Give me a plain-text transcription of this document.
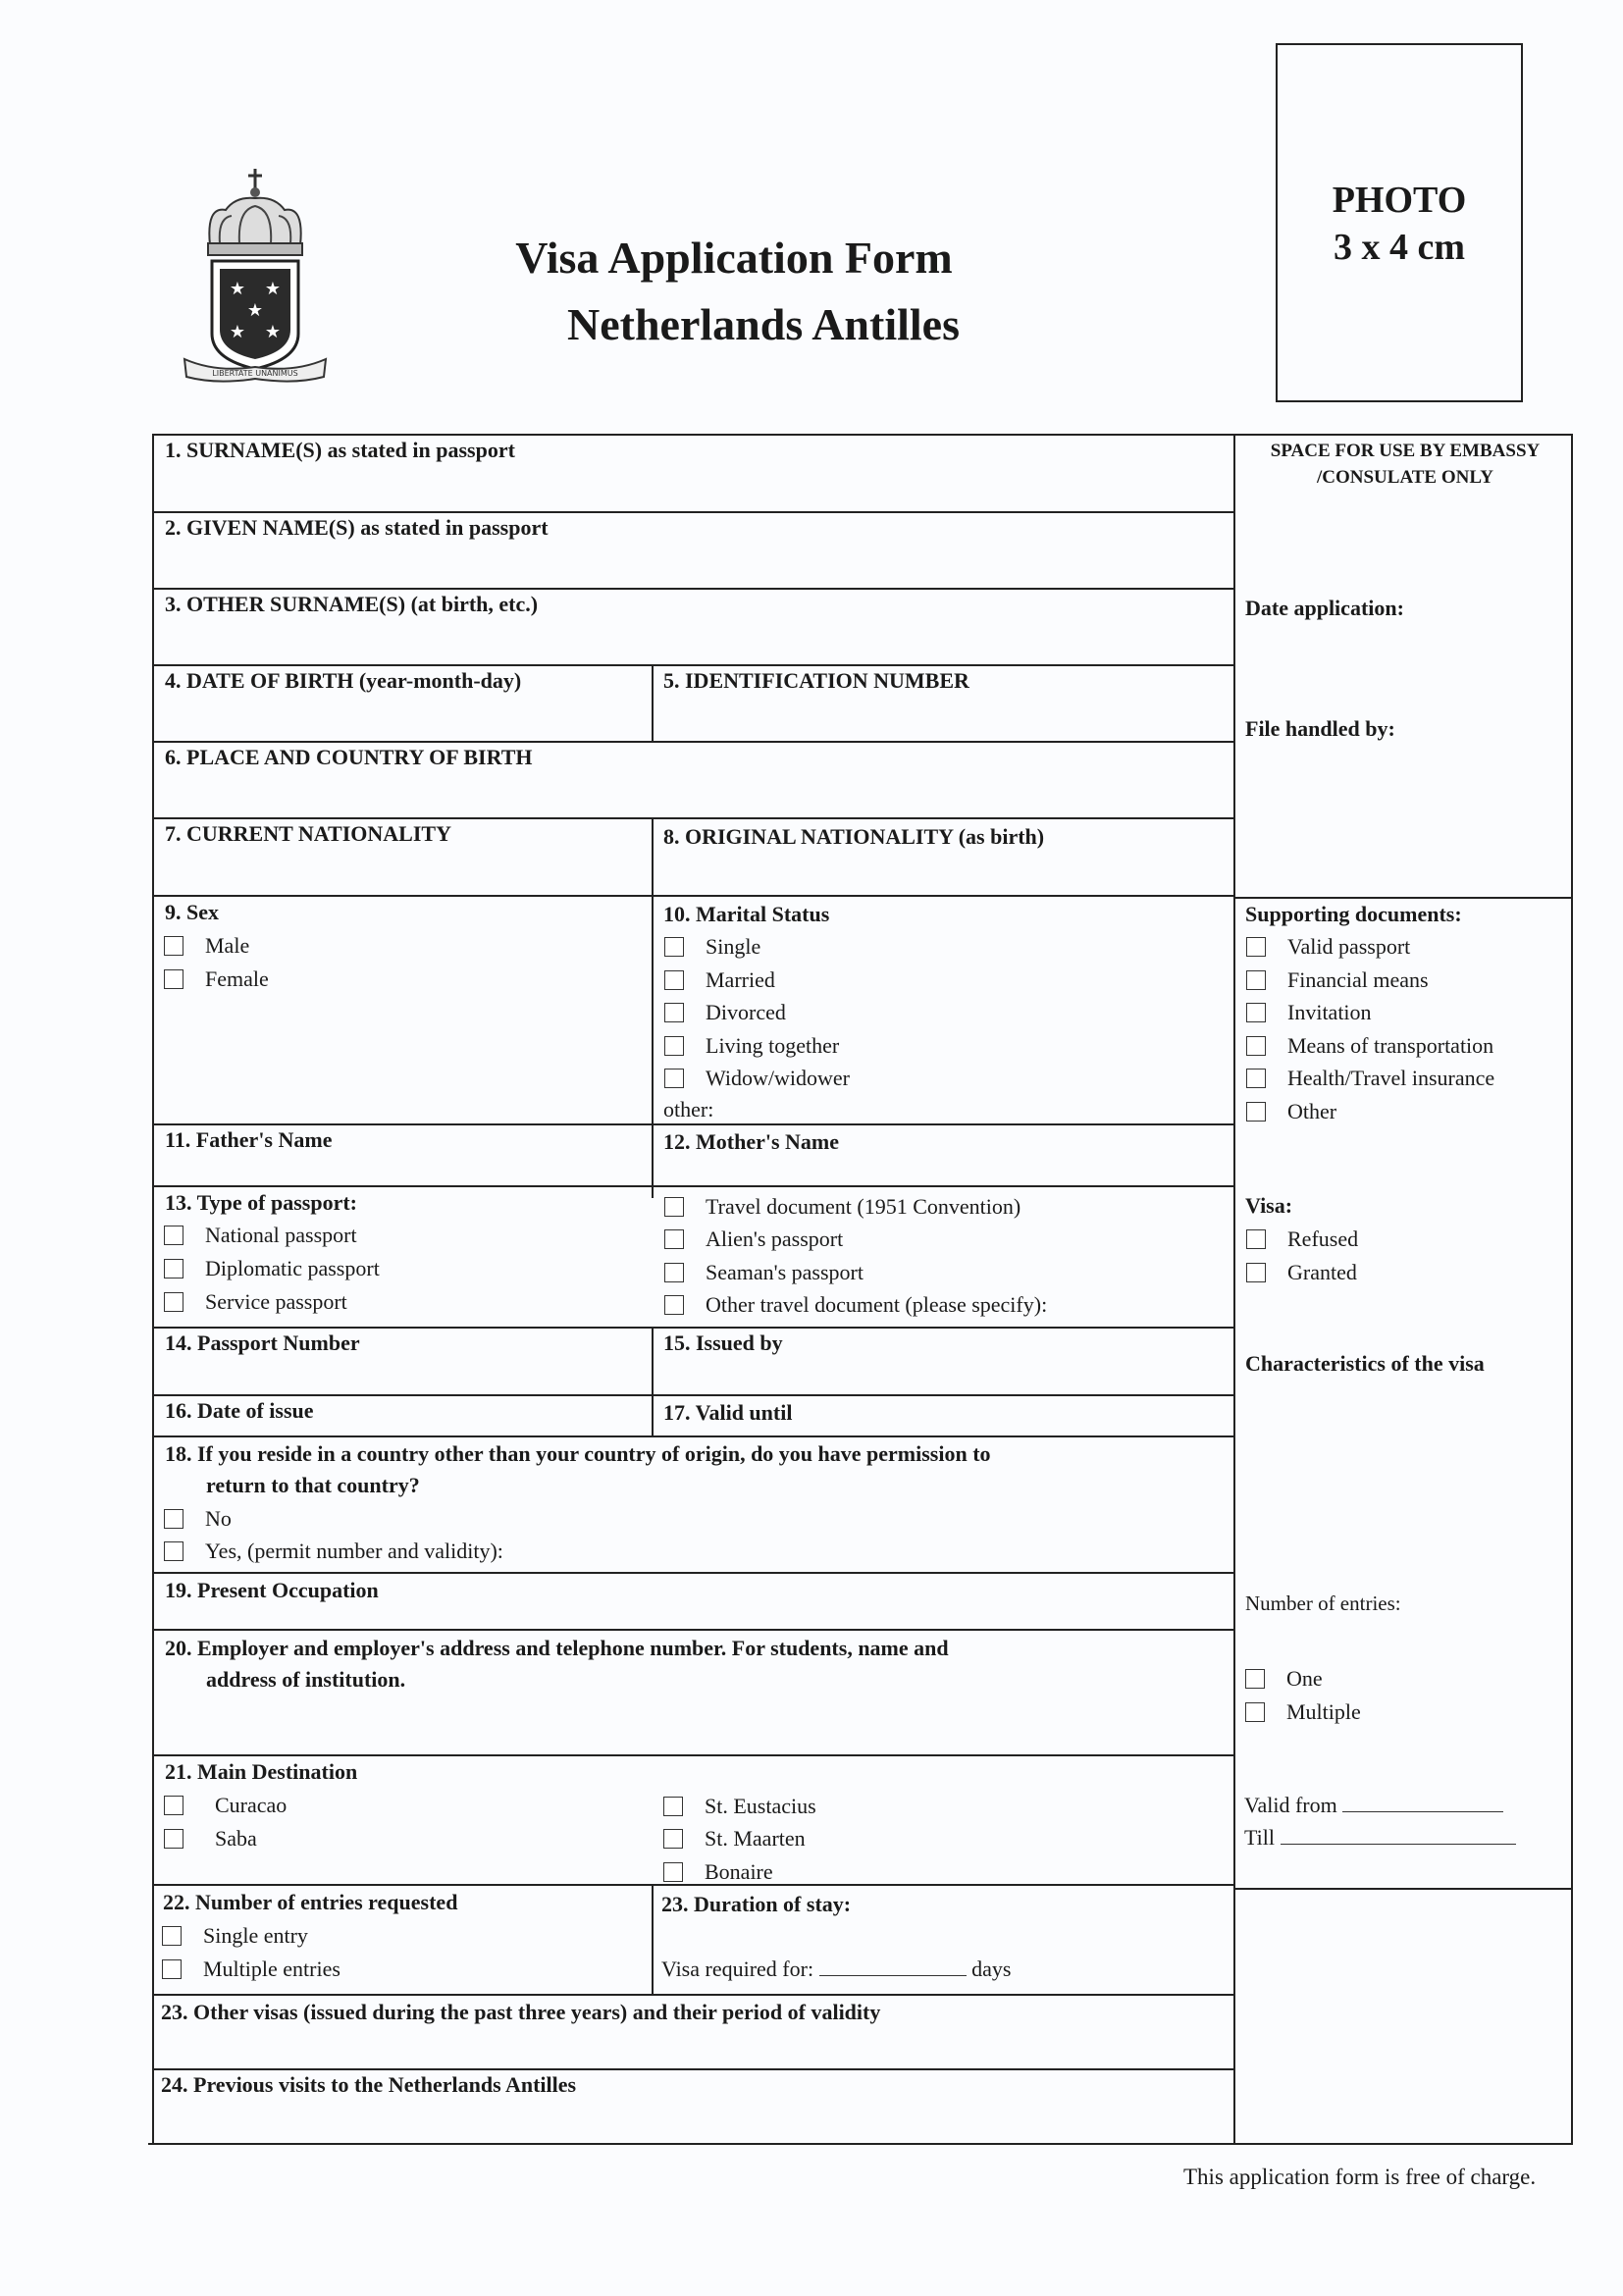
★ ★
★
★ ★
LIBERTATE UNANIMUS
Visa Application Form
Netherlands Antilles
PHOTO
3 x 4 cm
1. SURNAME(S) as stated in passport
2. GIVEN NAME(S) as stated in passport
3. OTHER SURNAME(S) (at birth, etc.)
4. DATE OF BIRTH (year-month-day)	5. IDENTIFICATION NUMBER
6. PLACE AND COUNTRY OF BIRTH
7. CURRENT NATIONALITY	8. ORIGINAL NATIONALITY (as birth)
9. Sex
Male
Female
10. Marital Status
Single
Married
Divorced
Living together
Widow/widower
other:
11. Father's Name	12. Mother's Name
13. Type of passport:
National passport
Diplomatic passport
Service passport
Travel document (1951 Convention)
Alien's passport
Seaman's passport
Other travel document (please specify):
14. Passport Number	15. Issued by
16. Date of issue	17. Valid until
18. If you reside in a country other than your country of origin, do you have permission to
return to that country?
No
Yes, (permit number and validity):
19. Present Occupation
20. Employer and employer's address and telephone number. For students, name and
address of institution.
21. Main Destination
Curacao
Saba
St. Eustacius
St. Maarten
Bonaire
22. Number of entries requested
Single entry
Multiple entries
23. Duration of stay:
Visa required for:	days
23. Other visas (issued during the past three years) and their period of validity
24. Previous visits to the Netherlands Antilles
SPACE FOR USE BY EMBASSY
/CONSULATE ONLY
Date application:
File handled by:
Supporting documents:
Valid passport
Financial means
Invitation
Means of transportation
Health/Travel insurance
Other
Visa:
Refused
Granted
Characteristics of the visa
Number of entries:
One
Multiple
Valid from
Till
This application form is free of charge.
